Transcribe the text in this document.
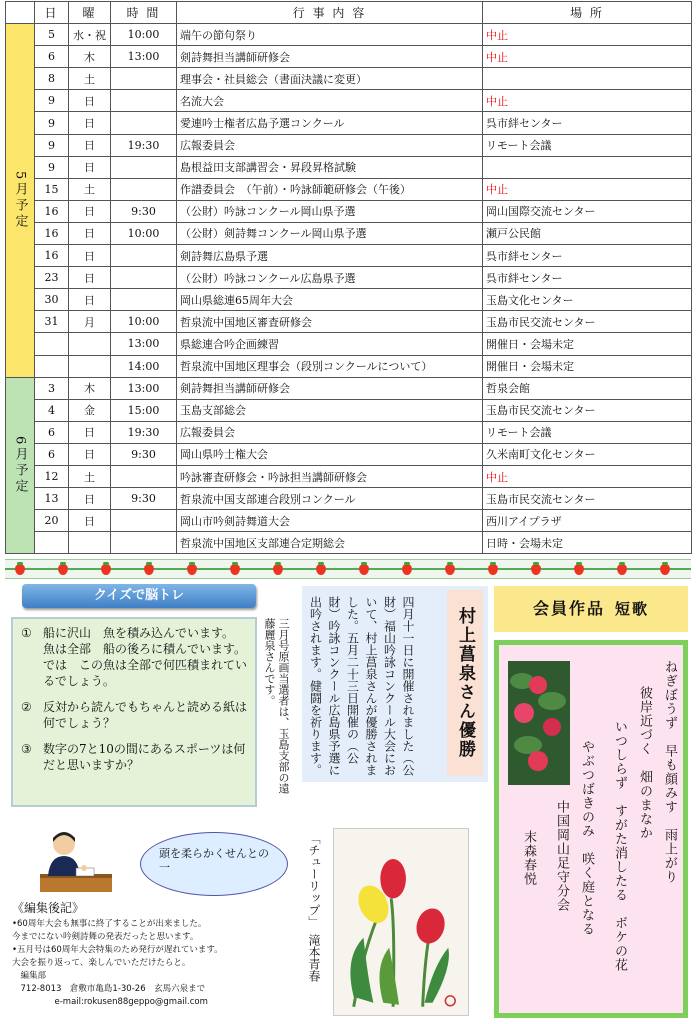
	日	曜	時 間	行 事 内 容	場 所
5月予定	5	水・祝	10:00	端午の節句祭り	中止
	6	木	13:00	剣詩舞担当講師研修会	中止
	8	土		理事会・社員総会（書面決議に変更）	
	9	日		名流大会	中止
	9	日		愛連吟士権者広島予選コンクール	呉市絆センター
	9	日	19:30	広報委員会	リモート会議
	9	日		島根益田支部講習会・昇段昇格試験	
	15	土		作譜委員会　（午前）・吟詠師範研修会（午後）	中止
	16	日	9:30	（公財）吟詠コンクール岡山県予選	岡山国際交流センター
	16	日	10:00	（公財）剣詩舞コンクール岡山県予選	瀬戸公民館
	16	日		剣詩舞広島県予選	呉市絆センター
	23	日		（公財）吟詠コンクール広島県予選	呉市絆センター
	30	日		岡山県総連65周年大会	玉島文化センター
	31	月	10:00	哲泉流中国地区審査研修会	玉島市民交流センター
			13:00	県総連合吟企画練習	開催日・会場未定
			14:00	哲泉流中国地区理事会（段別コンクールについて）	開催日・会場未定
6月予定	3	木	13:00	剣詩舞担当講師研修会	哲泉会館
	4	金	15:00	玉島支部総会	玉島市民交流センター
	6	日	19:30	広報委員会	リモート会議
	6	日	9:30	岡山県吟士権大会	久米南町文化センター
	12	土		吟詠審査研修会・吟詠担当講師研修会	中止
	13	日	9:30	哲泉流中国支部連合段別コンクール	玉島市民交流センター
	20	日		岡山市吟剣詩舞道大会	西川アイプラザ
				哲泉流中国地区支部連合定期総会	日時・会場未定
クイズで脳トレ
① 船に沢山　魚を積み込んでいます。　魚は全部　船の後ろに積んでいます。　では　この魚は全部で何匹積まれているでしょう。
② 反対から読んでもちゃんと読める紙は何でしょう？
③ 数字の7と10の間にあるスポーツは何だと思いますか？	三月号原画当選者は、玉島支部の遠藤麗泉さんです。
頭を柔らかくせんとの一
《編集後記》
•60周年大会も無事に終了することが出来ました。
今までにない吟剣詩舞の発表だったと思います。
•五月号は60周年大会特集のため発行が遅れています。
大会を振り返って、楽しんでいただけたらと。
　編集部
　712-8013　倉敷市亀島1-30-26　玄馬六泉まで
　　　　　e-mail:rokusen88geppo@gmail.com
四月十一日に開催されました（公財）福山吟詠コンクール大会において、村上菖泉さんが優勝されました。五月二十三日開催の（公財）吟詠コンクール広島県予選に出吟されます。健闘を祈ります。	村上菖泉さん優勝
「チューリップ」　滝本青春
会員作品 短歌
ねぎぼうず　早も顔みす　雨上がり
彼岸近づく　畑のまなか
いつしらず　すがた消したる　ボケの花
やぶつばきのみ　咲く庭となる
中国岡山足守分会
末森春悦
